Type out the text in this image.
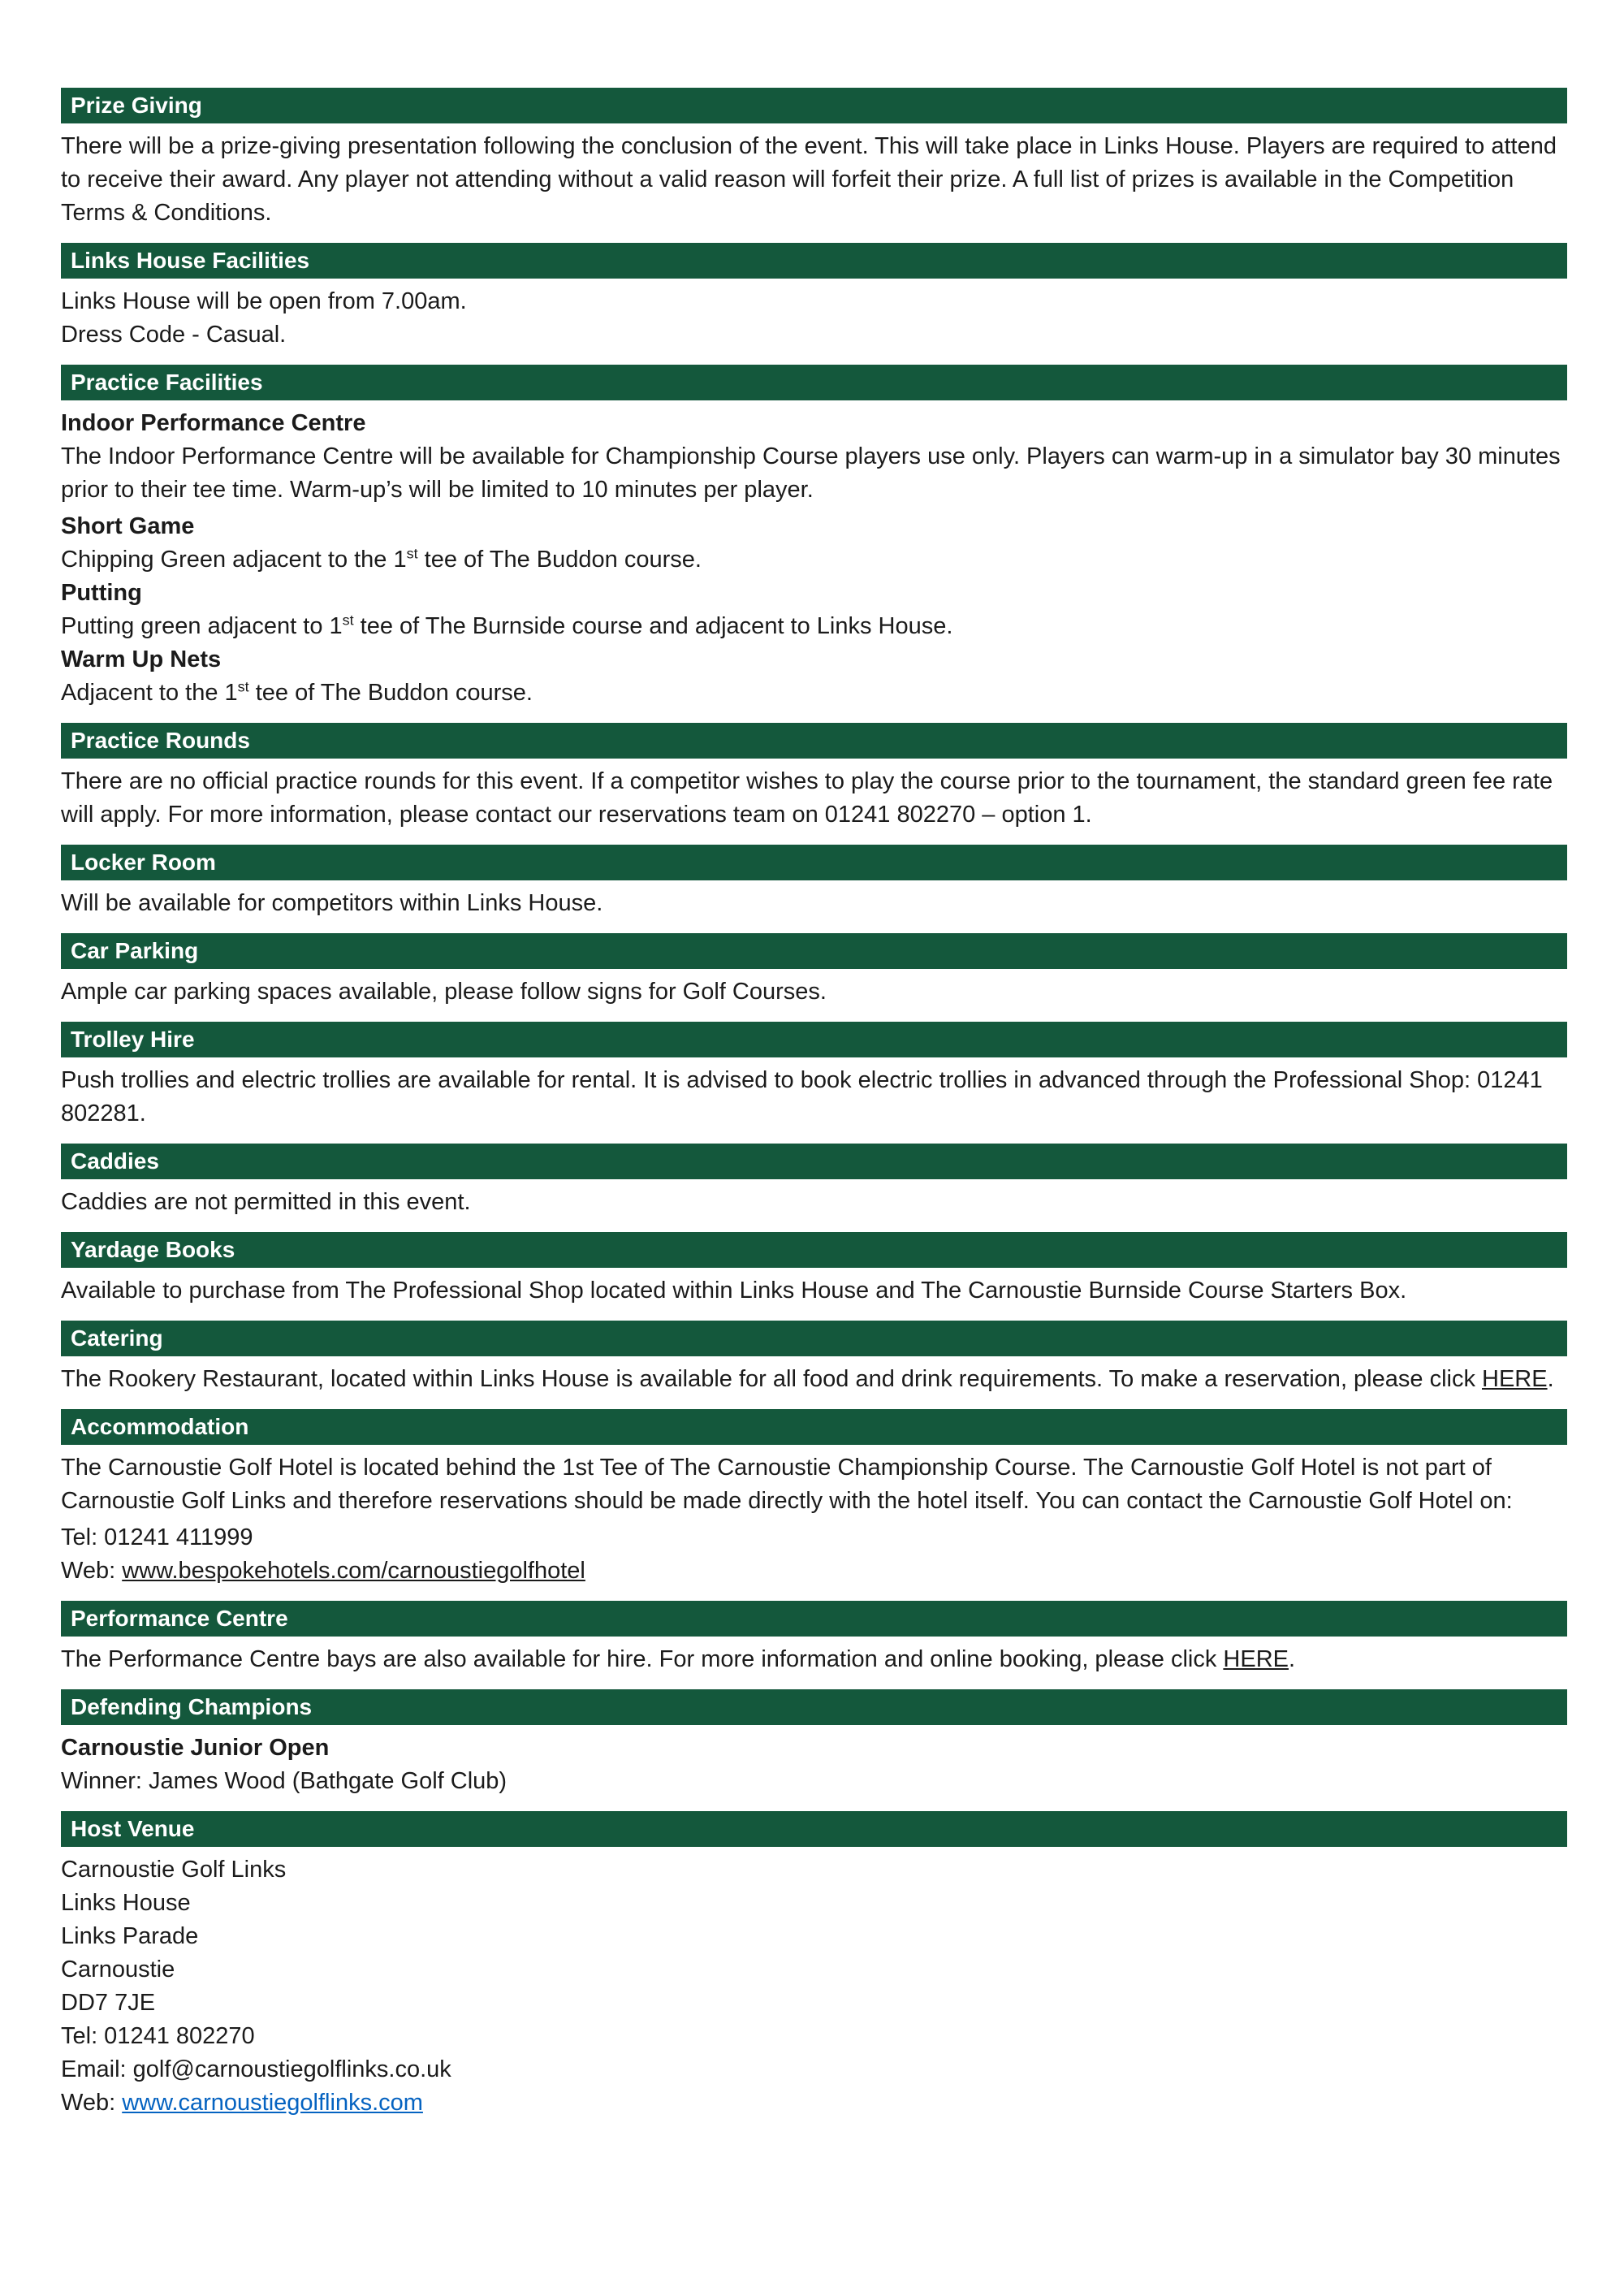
Prize Giving

There will be a prize-giving presentation following the conclusion of the event. This will take place in Links House. Players are required to attend to receive their award. Any player not attending without a valid reason will forfeit their prize. A full list of prizes is available in the Competition Terms & Conditions.

Links House Facilities
Links House will be open from 7.00am.
Dress Code - Casual.
Practice Facilities
Indoor Performance Centre

The Indoor Performance Centre will be available for Championship Course players use only. Players can warm-up in a simulator bay 30 minutes prior to their tee time. Warm-up’s will be limited to 10 minutes per player.

Short Game
Chipping Green adjacent to the 1st tee of The Buddon course.
Putting
Putting green adjacent to 1st tee of The Burnside course and adjacent to Links House.
Warm Up Nets
Adjacent to the 1st tee of The Buddon course.
Practice Rounds

There are no official practice rounds for this event. If a competitor wishes to play the course prior to the tournament, the standard green fee rate will apply. For more information, please contact our reservations team on 01241 802270 – option 1.

Locker Room

Will be available for competitors within Links House.

Car Parking

Ample car parking spaces available, please follow signs for Golf Courses.

Trolley Hire

Push trollies and electric trollies are available for rental. It is advised to book electric trollies in advanced through the Professional Shop: 01241 802281.

Caddies

Caddies are not permitted in this event.

Yardage Books

Available to purchase from The Professional Shop located within Links House and The Carnoustie Burnside Course Starters Box.

Catering

The Rookery Restaurant, located within Links House is available for all food and drink requirements. To make a reservation, please click HERE.

Accommodation

The Carnoustie Golf Hotel is located behind the 1st Tee of The Carnoustie Championship Course. The Carnoustie Golf Hotel is not part of Carnoustie Golf Links and therefore reservations should be made directly with the hotel itself. You can contact the Carnoustie Golf Hotel on:

Tel: 01241 411999
Web: www.bespokehotels.com/carnoustiegolfhotel
Performance Centre

The Performance Centre bays are also available for hire. For more information and online booking, please click HERE.

Defending Champions
Carnoustie Junior Open
Winner: James Wood (Bathgate Golf Club)
Host Venue
Carnoustie Golf Links
Links House
Links Parade
Carnoustie
DD7 7JE
Tel: 01241 802270
Email: golf@carnoustiegolflinks.co.uk
Web: www.carnoustiegolflinks.com
